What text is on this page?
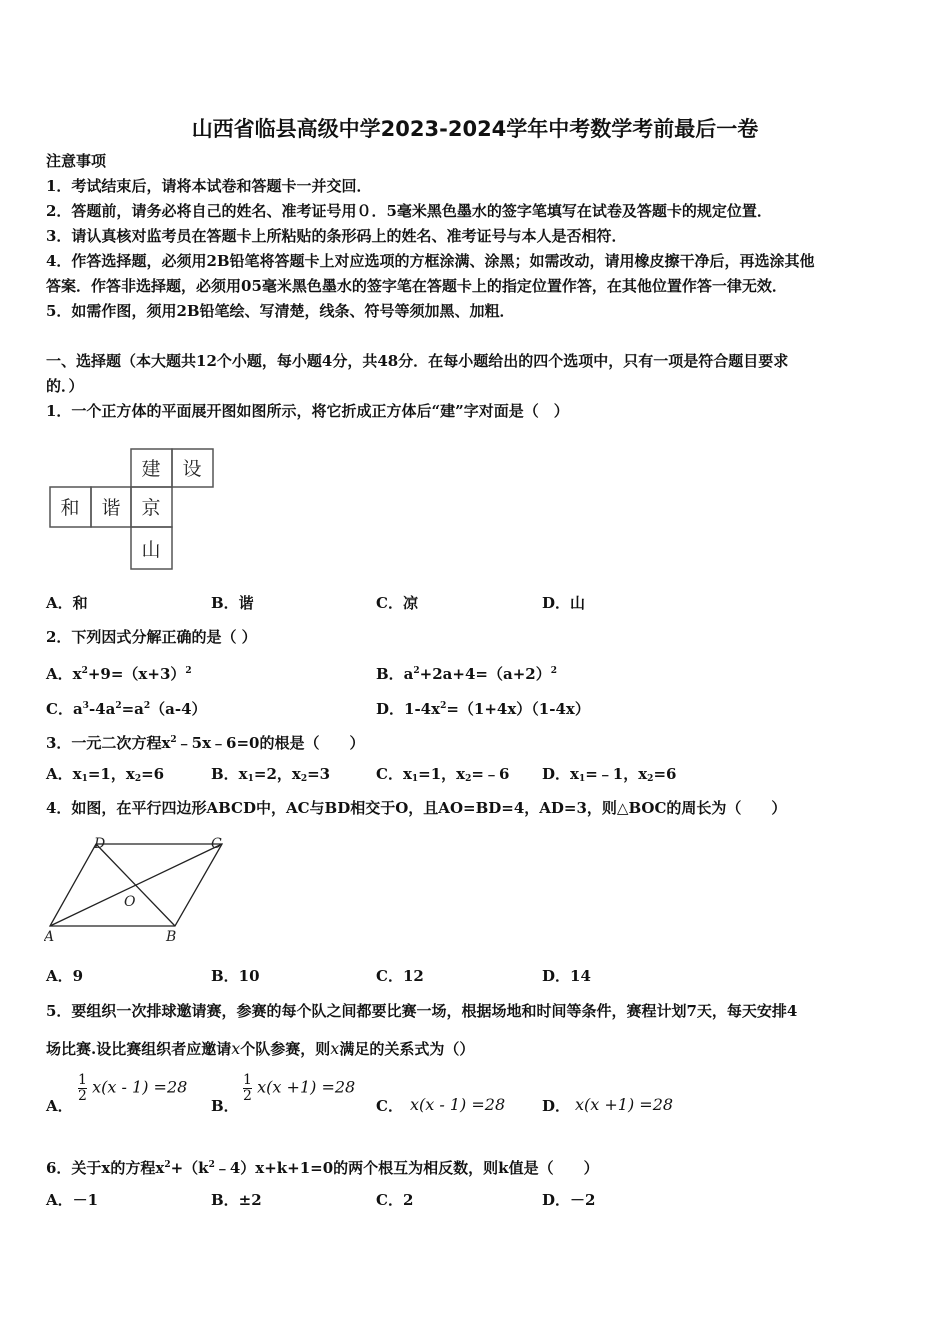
山西省临县高级中学2023-2024学年中考数学考前最后一卷
注意事项
1．考试结束后，请将本试卷和答题卡一并交回．
2．答题前，请务必将自己的姓名、准考证号用０．5毫米黑色墨水的签字笔填写在试卷及答题卡的规定位置．
3．请认真核对监考员在答题卡上所粘贴的条形码上的姓名、准考证号与本人是否相符．
4．作答选择题，必须用2B铅笔将答题卡上对应选项的方框涂满、涂黑；如需改动，请用橡皮擦干净后，再选涂其他
答案．作答非选择题，必须用05毫米黑色墨水的签字笔在答题卡上的指定位置作答，在其他位置作答一律无效．
5．如需作图，须用2B铅笔绘、写清楚，线条、符号等须加黑、加粗．
一、选择题（本大题共12个小题，每小题4分，共48分．在每小题给出的四个选项中，只有一项是符合题目要求
的．）
1．一个正方体的平面展开图如图所示，将它折成正方体后“建”字对面是（　）
建 设
和 谐 京
山
A．和	B．谐	C．凉	D．山
2．下列因式分解正确的是（ ）
A．$x^2+9=(x+3)^2$	B．$a^2+2a+4=(a+2)^2$
C．$a^3-4a^2=a^2(a-4)$	D．$1-4x^2=(1+4x)(1-4x)$
3．一元二次方程$x^2﹣5x﹣6=0$的根是（　　）
A．$x_1=1$，$x_2=6$	B．$x_1=2$，$x_2=3$	C．$x_1=1$，$x_2=﹣6$ D．$x_1=﹣1$，$x_2=6$
4．如图，在平行四边形ABCD中，AC与BD相交于O，且AO=BD=4，AD=3，则△BOC的周长为（　　）
A	B
C
D
O
A．9	B．10	C．12	D．14
5．要组织一次排球邀请赛，参赛的每个队之间都要比赛一场，根据场地和时间等条件，赛程计划7天，每天安排4
场比赛.设比赛组织者应邀请x个队参赛，则x满足的关系式为（）
A．
$\frac{1}{2} x(x - 1) =28$
B．
$\frac{1}{2} x(x +1) =28$
C． x(x - 1) =28 D． x(x +1) =28
6．关于x的方程$x^2+(k^2﹣4)x+k+1=0$的两个根互为相反数，则k值是（　　）
A．－1	B．±2	C．2	D．－2
